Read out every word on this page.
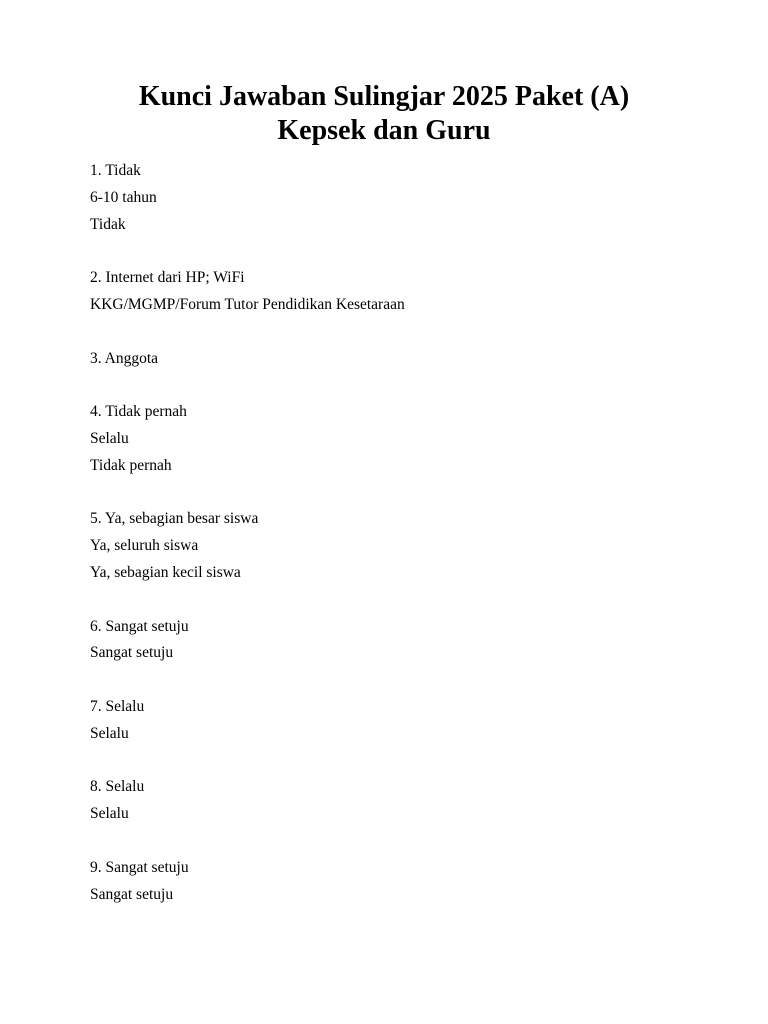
Kunci Jawaban Sulingjar 2025 Paket (A)
Kepsek dan Guru
1. Tidak
6-10 tahun
Tidak
2. Internet dari HP; WiFi
KKG/MGMP/Forum Tutor Pendidikan Kesetaraan
3. Anggota
4. Tidak pernah
Selalu
Tidak pernah
5. Ya, sebagian besar siswa
Ya, seluruh siswa
Ya, sebagian kecil siswa
6. Sangat setuju
Sangat setuju
7. Selalu
Selalu
8. Selalu
Selalu
9. Sangat setuju
Sangat setuju
